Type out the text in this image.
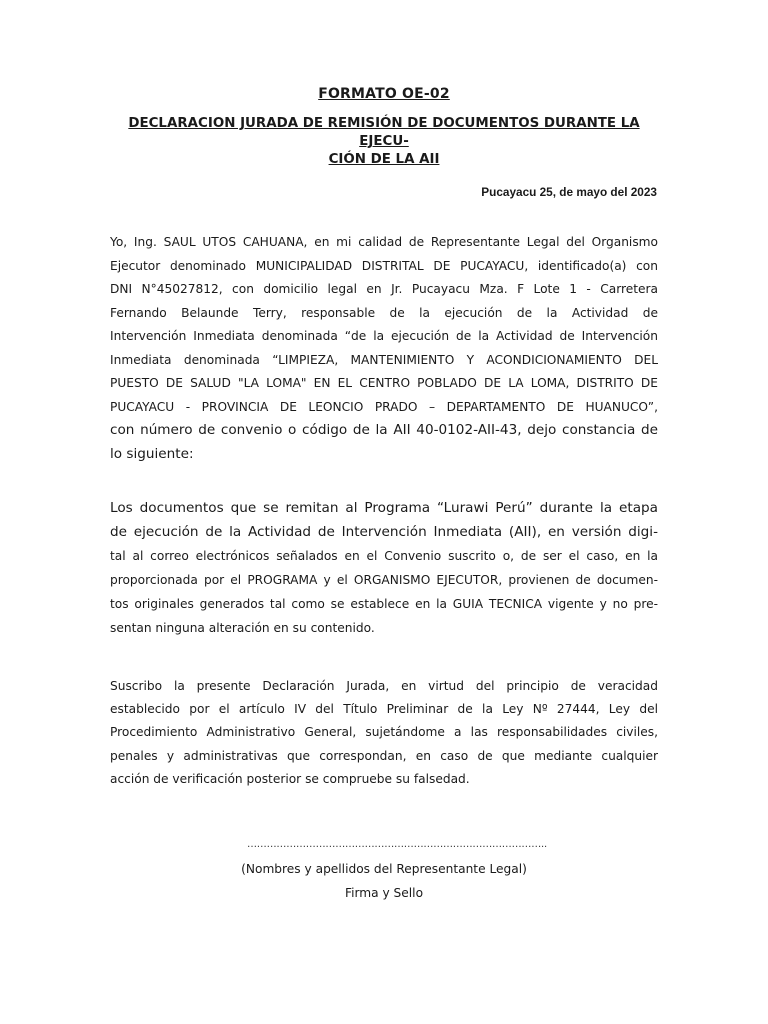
FORMATO OE-02
DECLARACION JURADA DE REMISIÓN DE DOCUMENTOS DURANTE LA EJECU-
CIÓN DE LA AII
Pucayacu 25, de mayo del 2023
Yo, Ing. SAUL UTOS CAHUANA, en mi calidad de Representante Legal del Organismo
Ejecutor denominado MUNICIPALIDAD DISTRITAL DE PUCAYACU, identificado(a) con
DNI N°45027812, con domicilio legal en Jr. Pucayacu Mza. F Lote 1 - Carretera
Fernando Belaunde Terry, responsable de la ejecución de la Actividad de
Intervención Inmediata denominada “de la ejecución de la Actividad de Intervención
Inmediata denominada “LIMPIEZA, MANTENIMIENTO Y ACONDICIONAMIENTO DEL
PUESTO DE SALUD "LA LOMA" EN EL CENTRO POBLADO DE LA LOMA, DISTRITO DE
PUCAYACU - PROVINCIA DE LEONCIO PRADO – DEPARTAMENTO DE HUANUCO”,
con número de convenio o código de la AII 40-0102-AII-43, dejo constancia de
lo siguiente:
Los documentos que se remitan al Programa “Lurawi Perú” durante la etapa
de ejecución de la Actividad de Intervención Inmediata (AII), en versión digi-
tal al correo electrónicos señalados en el Convenio suscrito o, de ser el caso, en la
proporcionada por el PROGRAMA y el ORGANISMO EJECUTOR, provienen de documen-
tos originales generados tal como se establece en la GUIA TECNICA vigente y no pre-
sentan ninguna alteración en su contenido.
Suscribo la presente Declaración Jurada, en virtud del principio de veracidad
establecido por el artículo IV del Título Preliminar de la Ley Nº 27444, Ley del
Procedimiento Administrativo General, sujetándome a las responsabilidades civiles,
penales y administrativas que correspondan, en caso de que mediante cualquier
acción de verificación posterior se compruebe su falsedad.
………………………………………………………………………………..
(Nombres y apellidos del Representante Legal)
Firma y Sello
